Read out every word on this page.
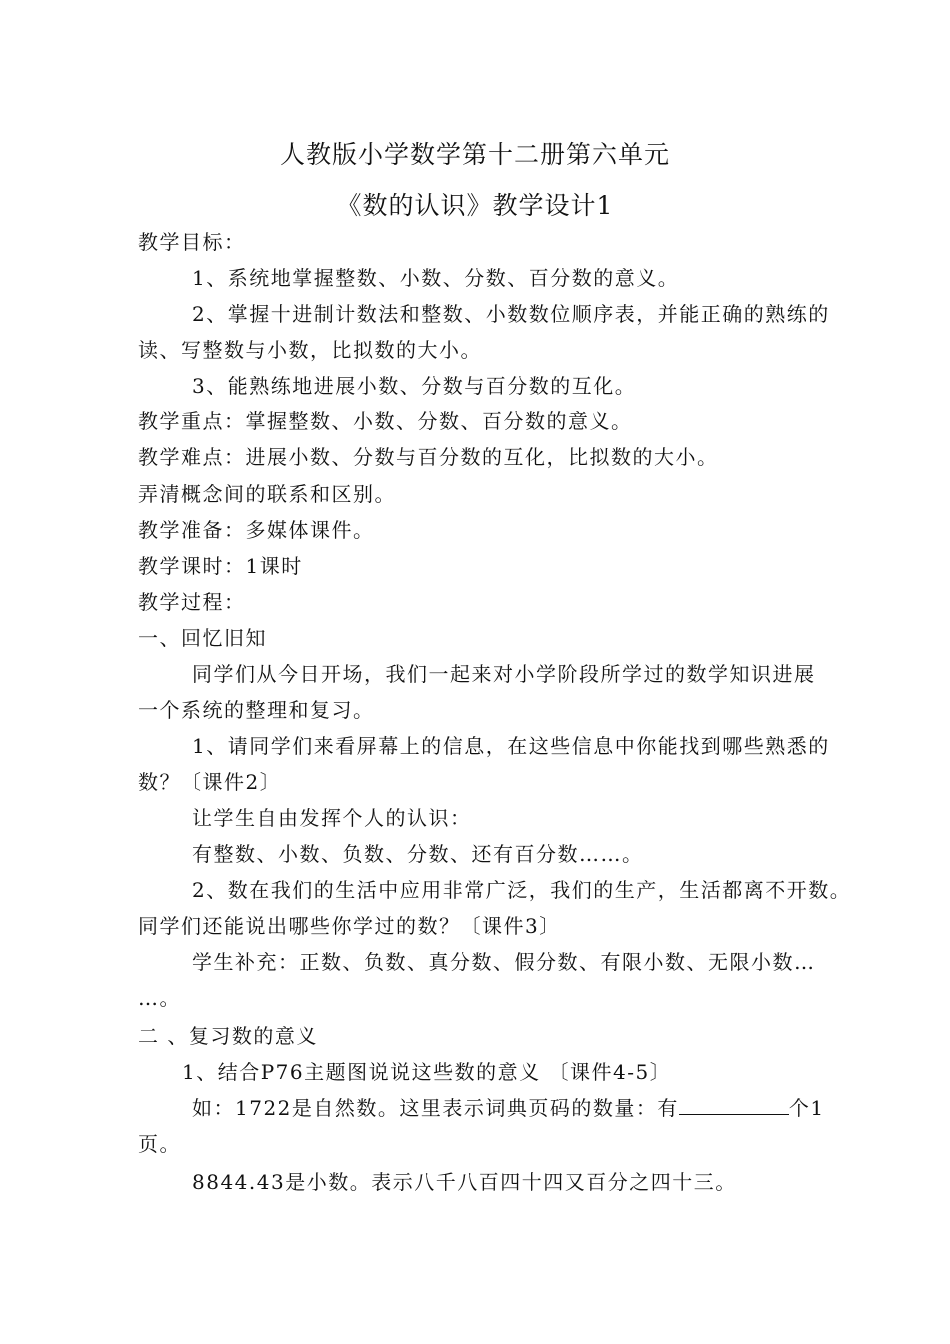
人教版小学数学第十二册第六单元
《数的认识》教学设计1
教学目标：
1、系统地掌握整数、小数、分数、百分数的意义。
2、掌握十进制计数法和整数、小数数位顺序表，并能正确的熟练的
读、写整数与小数，比拟数的大小。
3、能熟练地进展小数、分数与百分数的互化。
教学重点：掌握整数、小数、分数、百分数的意义。
教学难点：进展小数、分数与百分数的互化，比拟数的大小。
弄清概念间的联系和区别。
教学准备：多媒体课件。
教学课时：1课时
教学过程：
一、回忆旧知
同学们从今日开场，我们一起来对小学阶段所学过的数学知识进展
一个系统的整理和复习。
1、请同学们来看屏幕上的信息，在这些信息中你能找到哪些熟悉的
数？〔课件2〕
让学生自由发挥个人的认识：
有整数、小数、负数、分数、还有百分数……。
2、数在我们的生活中应用非常广泛，我们的生产，生活都离不开数。
同学们还能说出哪些你学过的数？〔课件3〕
学生补充：正数、负数、真分数、假分数、有限小数、无限小数…
…。
二 、复习数的意义
1、结合P76主题图说说这些数的意义 〔课件4-5〕
如：1722是自然数。这里表示词典页码的数量：有	个1
页。
8844.43是小数。表示八千八百四十四又百分之四十三。
